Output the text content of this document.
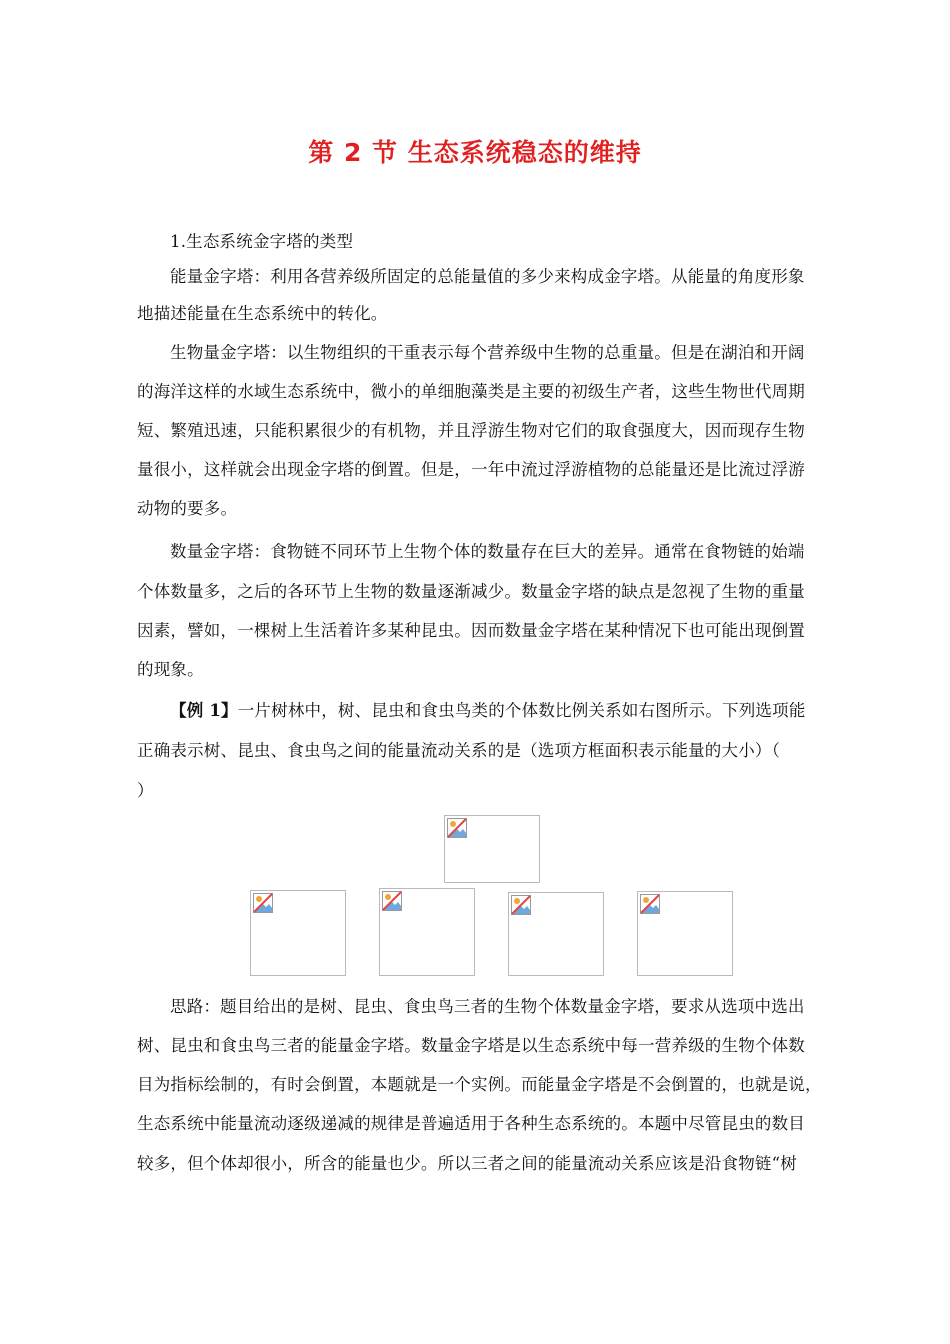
第 2 节 生态系统稳态的维持
1.生态系统金字塔的类型
能量金字塔：利用各营养级所固定的总能量值的多少来构成金字塔。从能量的角度形象
地描述能量在生态系统中的转化。
生物量金字塔：以生物组织的干重表示每个营养级中生物的总重量。但是在湖泊和开阔
的海洋这样的水域生态系统中，微小的单细胞藻类是主要的初级生产者，这些生物世代周期
短、繁殖迅速，只能积累很少的有机物，并且浮游生物对它们的取食强度大，因而现存生物
量很小，这样就会出现金字塔的倒置。但是，一年中流过浮游植物的总能量还是比流过浮游
动物的要多。
数量金字塔：食物链不同环节上生物个体的数量存在巨大的差异。通常在食物链的始端
个体数量多，之后的各环节上生物的数量逐渐减少。数量金字塔的缺点是忽视了生物的重量
因素，譬如，一棵树上生活着许多某种昆虫。因而数量金字塔在某种情况下也可能出现倒置
的现象。
【例 1】一片树林中，树、昆虫和食虫鸟类的个体数比例关系如右图所示。下列选项能
正确表示树、昆虫、食虫鸟之间的能量流动关系的是（选项方框面积表示能量的大小）（
）
思路：题目给出的是树、昆虫、食虫鸟三者的生物个体数量金字塔，要求从选项中选出
树、昆虫和食虫鸟三者的能量金字塔。数量金字塔是以生态系统中每一营养级的生物个体数
目为指标绘制的，有时会倒置，本题就是一个实例。而能量金字塔是不会倒置的，也就是说，
生态系统中能量流动逐级递减的规律是普遍适用于各种生态系统的。本题中尽管昆虫的数目
较多，但个体却很小，所含的能量也少。所以三者之间的能量流动关系应该是沿食物链“树
